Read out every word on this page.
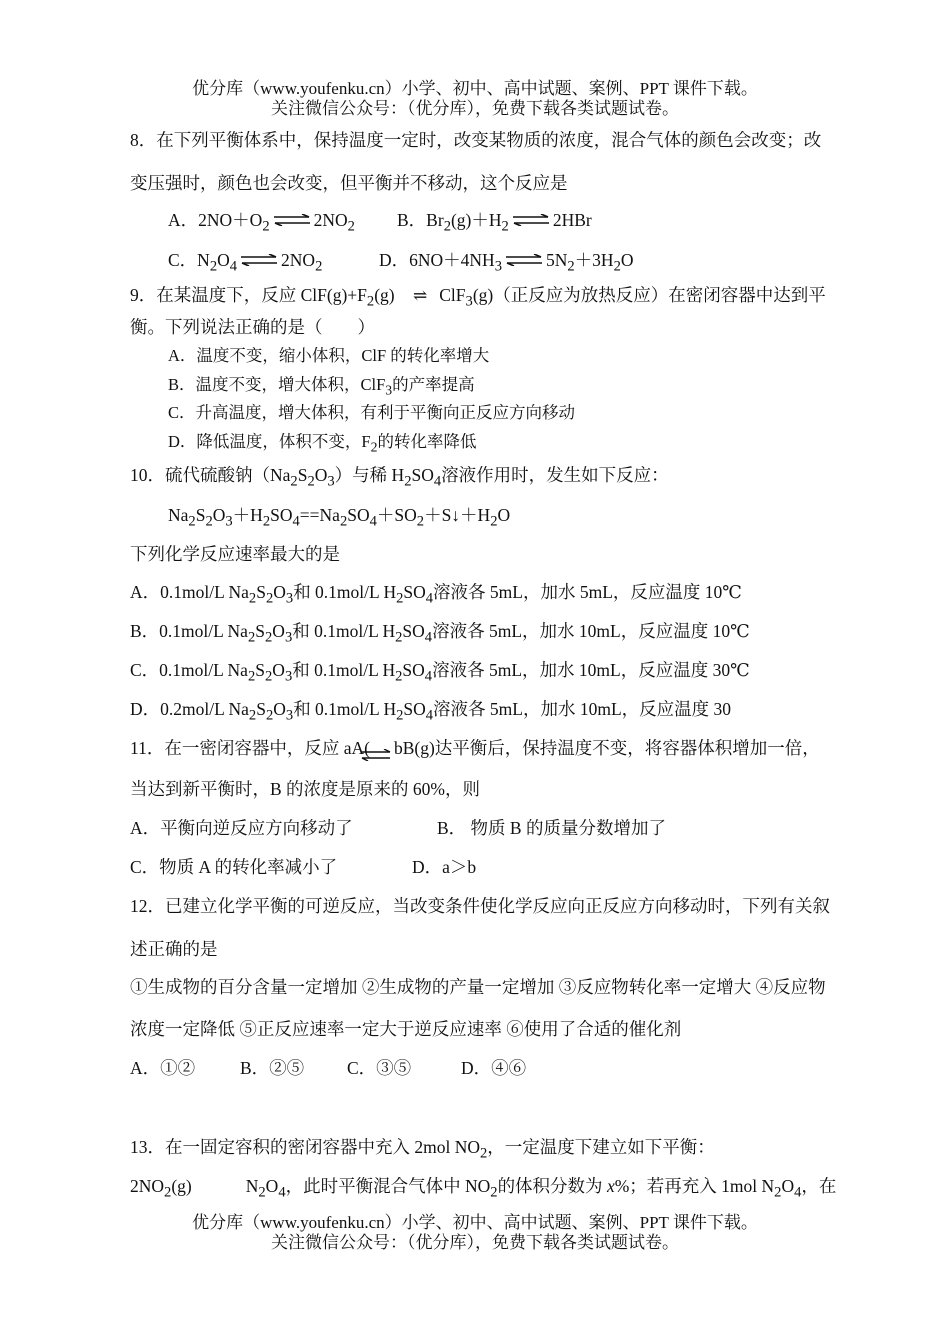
优分库（www.youfenku.cn）小学、初中、高中试题、案例、PPT 课件下载。
关注微信公众号：（优分库），免费下载各类试题试卷。
8．在下列平衡体系中，保持温度一定时，改变某物质的浓度，混合气体的颜色会改变；改
变压强时，颜色也会改变，但平衡并不移动，这个反应是
A．$2NO+O_2$ ⇌ $2NO_2$ B．$Br_2(g)+H_2$ ⇌ 2HBr
C．$N_2O_4$ ⇌ $2NO_2$	D．$6NO+4NH_3$ ⇌ $5N_2+3H_2O$
9．在某温度下，反应 $ClF(g)+F_2(g)$ ⇌ ClF$_3$(g)（正反应为放热反应）在密闭容器中达到平
衡。下列说法正确的是（　　）
A．温度不变，缩小体积，ClF 的转化率增大
B．温度不变，增大体积，ClF$_3$的产率提高
C．升高温度，增大体积，有利于平衡向正反应方向移动
D．降低温度，体积不变，$F_2$的转化率降低
10．硫代硫酸钠$(Na_2S_2O_3)$与稀 $H_2SO_4$溶液作用时，发生如下反应：
$Na_2S_2O_3+H_2SO_4==Na_2SO_4+SO_2+S↓+H_2O$
下列化学反应速率最大的是
A．0.1mol/L $Na_2S_2O_3$和 0.1mol/L $H_2SO_4$溶液各 5mL，加水 5mL，反应温度 10℃
B．0.1mol/L $Na_2S_2O_3$和 0.1mol/L $H_2SO_4$溶液各 5mL，加水 10mL，反应温度 10℃
C．0.1mol/L $Na_2S_2O_3$和 0.1mol/L $H_2SO_4$溶液各 5mL，加水 10mL，反应温度 30℃
D．0.2mol/L $Na_2S_2O_3$和 0.1mol/L $H_2SO_4$溶液各 5mL，加水 10mL，反应温度 30
11．在一密闭容器中，反应 aA( ⇌ bB(g)达平衡后，保持温度不变，将容器体积增加一倍，
当达到新平衡时，B 的浓度是原来的 60%，则
A．平衡向逆反应方向移动了	B． 物质 B 的质量分数增加了
C．物质 A 的转化率减小了	D．a＞b
12．已建立化学平衡的可逆反应，当改变条件使化学反应向正反应方向移动时，下列有关叙
述正确的是
①生成物的百分含量一定增加 ②生成物的产量一定增加 ③反应物转化率一定增大 ④反应物
浓度一定降低 ⑤正反应速率一定大于逆反应速率 ⑥使用了合适的催化剂
A．①②	B．②⑤ C．③⑤	D．④⑥
13．在一固定容积的密闭容器中充入 2mol $NO_2$，一定温度下建立如下平衡：
$2NO_2(g)$	$N_2O_4$，此时平衡混合气体中 $NO_2$的体积分数为 x%；若再充入 1mol $N_2O_4$，在
优分库（www.youfenku.cn）小学、初中、高中试题、案例、PPT 课件下载。
关注微信公众号：（优分库），免费下载各类试题试卷。
